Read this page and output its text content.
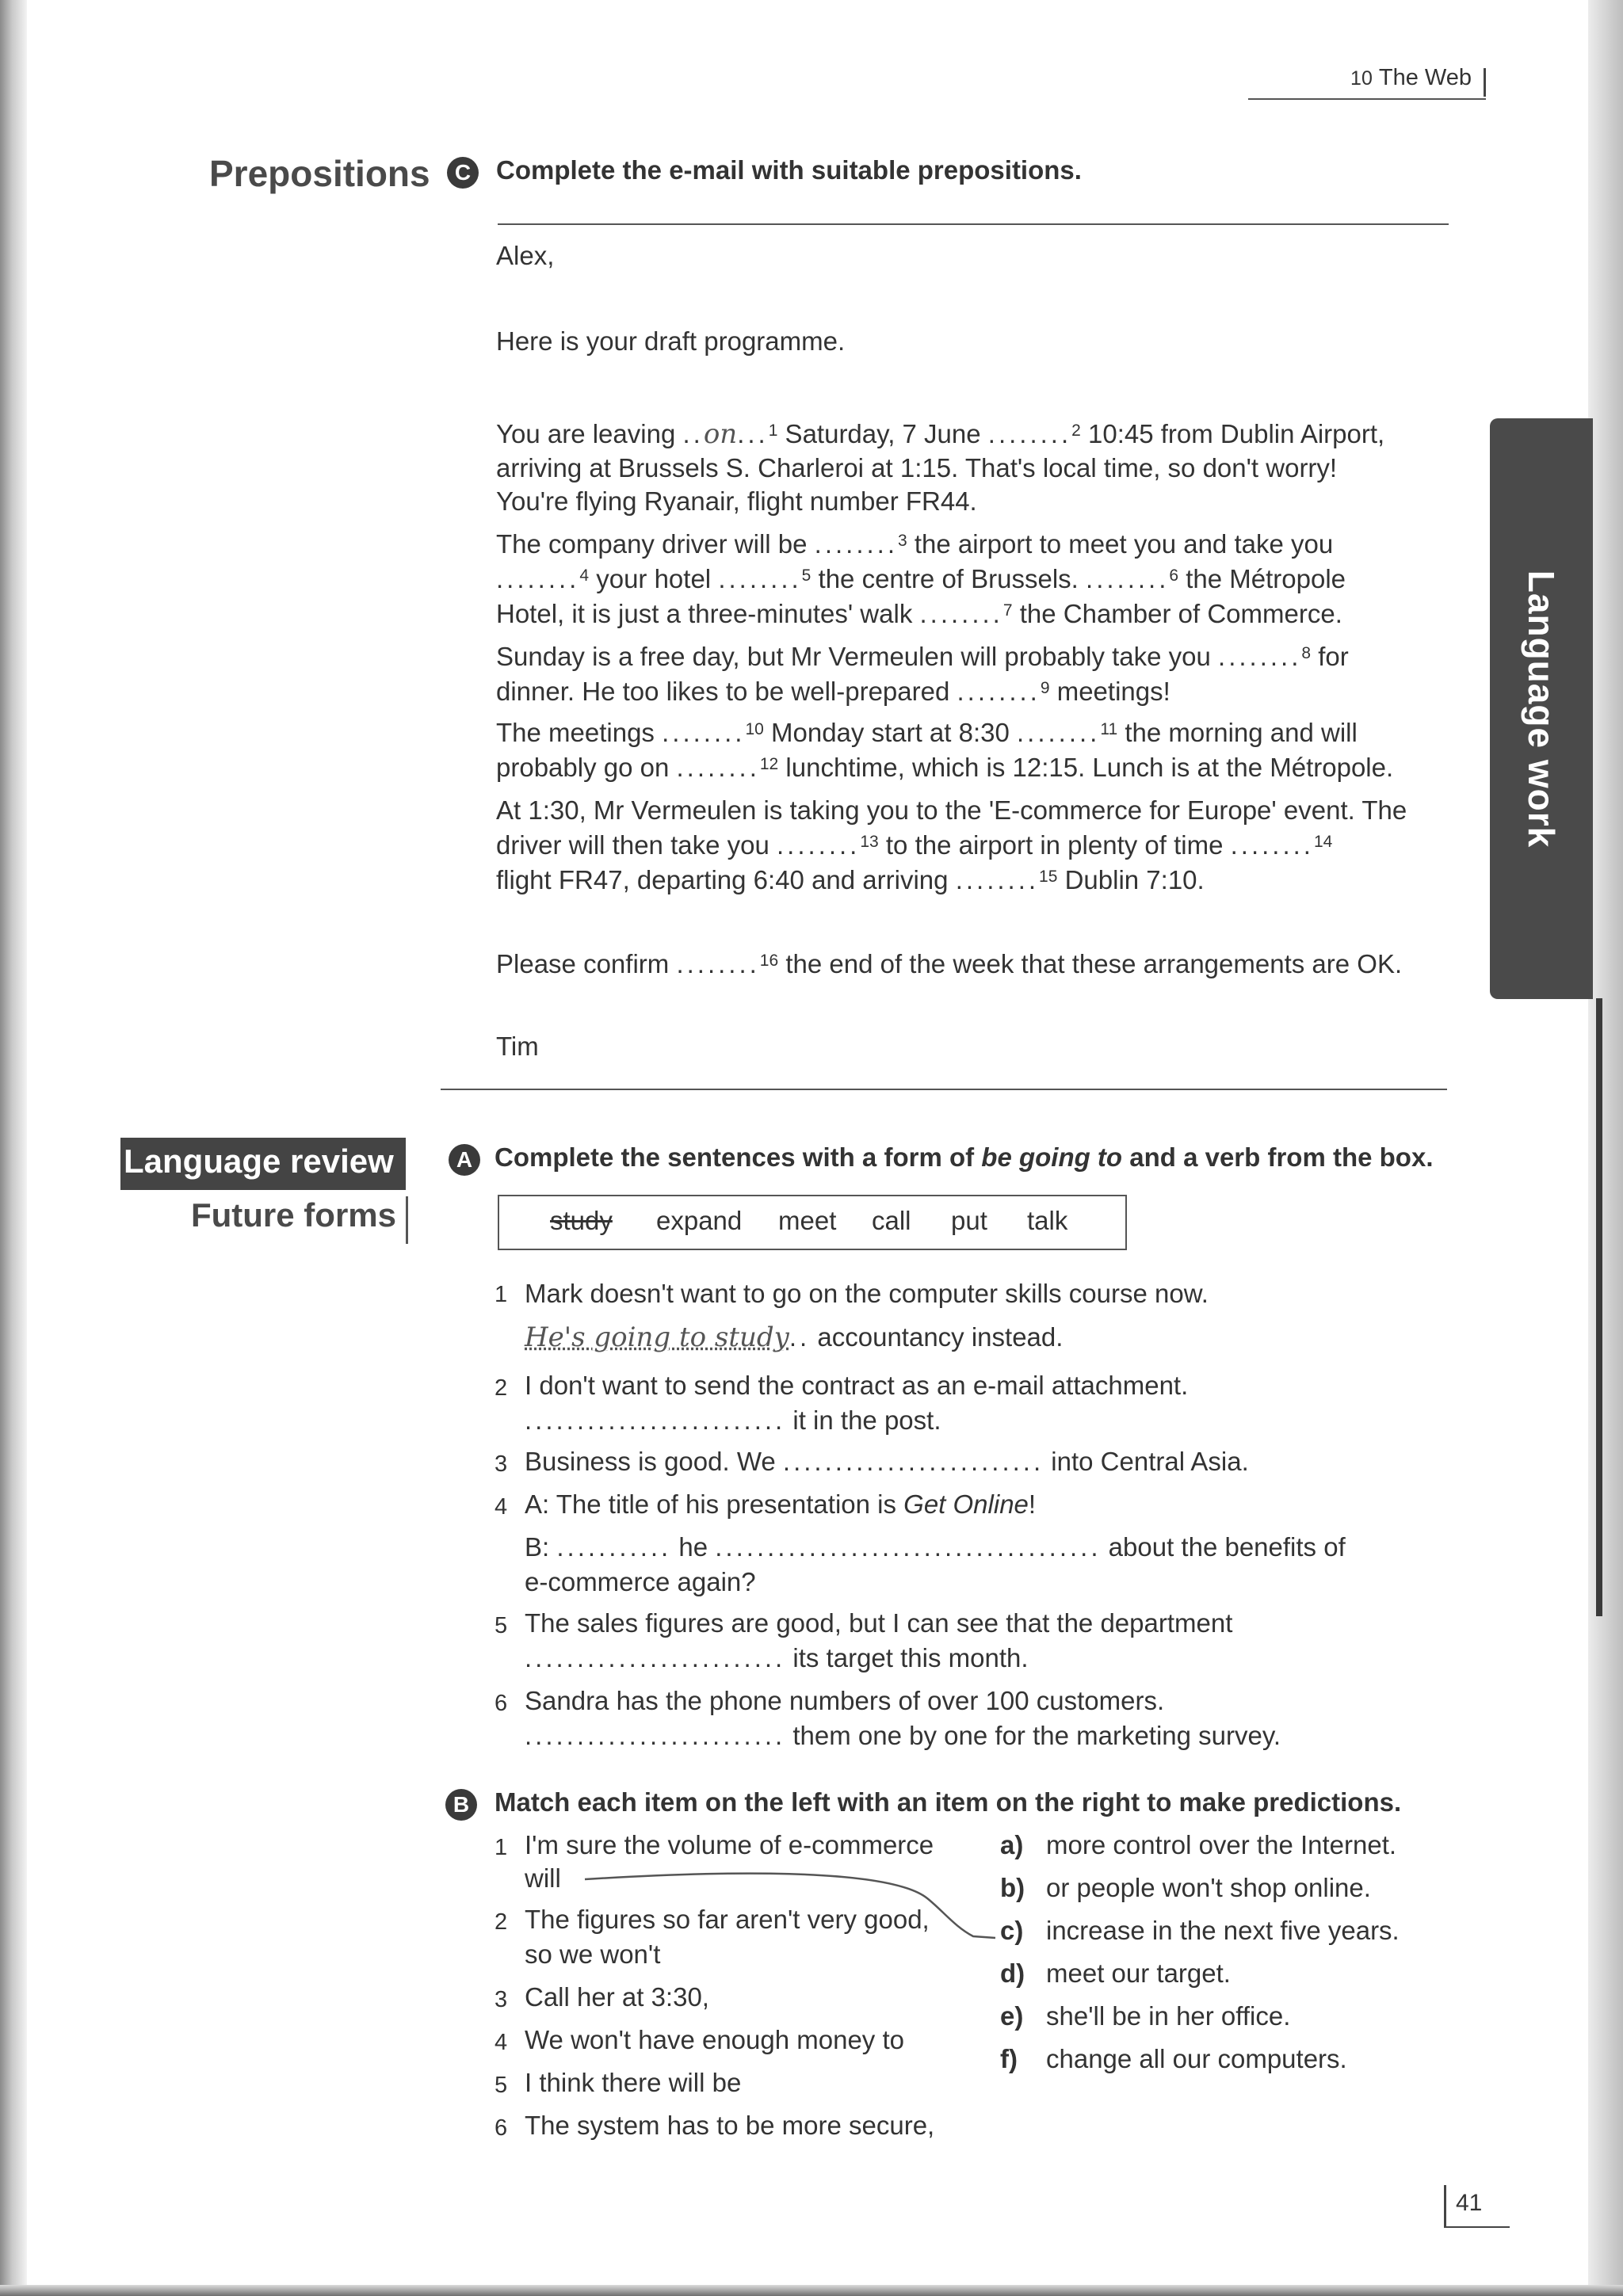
10 The Web
Language work
Prepositions	C Complete the e-mail with suitable prepositions.
Alex,
Here is your draft programme.
You are leaving ..on...$^1$ Saturday, 7 June ........$^2$ 10:45 from Dublin Airport,
arriving at Brussels S. Charleroi at 1:15. That's local time, so don't worry!
You're flying Ryanair, flight number FR44.
The company driver will be ........$^3$ the airport to meet you and take you
........$^4$ your hotel ........$^5$ the centre of Brussels. ........$^6$ the Métropole
Hotel, it is just a three-minutes' walk ........$^7$ the Chamber of Commerce.
Sunday is a free day, but Mr Vermeulen will probably take you ........$^8$ for
dinner. He too likes to be well-prepared ........$^9$ meetings!
The meetings ........$^{10}$ Monday start at 8:30 ........$^{11}$ the morning and will
probably go on ........$^{12}$ lunchtime, which is 12:15. Lunch is at the Métropole.
At 1:30, Mr Vermeulen is taking you to the 'E-commerce for Europe' event. The
driver will then take you ........$^{13}$ to the airport in plenty of time ........$^{14}$
flight FR47, departing 6:40 and arriving ........$^{15}$ Dublin 7:10.
Please confirm ........$^{16}$ the end of the week that these arrangements are OK.
Tim
Language review
Future forms
A Complete the sentences with a form of be going to and a verb from the box.
study expand meet call put talk
1 Mark doesn't want to go on the computer skills course now.
He's going to study.. accountancy instead.
2 I don't want to send the contract as an e-mail attachment.
......................... it in the post.
3 Business is good. We ......................... into Central Asia.
4 A: The title of his presentation is Get Online!
B: ........... he ..................................... about the benefits of
e-commerce again?
5 The sales figures are good, but I can see that the department
......................... its target this month.
6 Sandra has the phone numbers of over 100 customers.
......................... them one by one for the marketing survey.
B Match each item on the left with an item on the right to make predictions.
1 I'm sure the volume of e-commerce
will
2 The figures so far aren't very good,
so we won't
3 Call her at 3:30,
4 We won't have enough money to
5 I think there will be
6 The system has to be more secure,
a) more control over the Internet.
b) or people won't shop online.
c) increase in the next five years.
d) meet our target.
e) she'll be in her office.
f) change all our computers.
41
